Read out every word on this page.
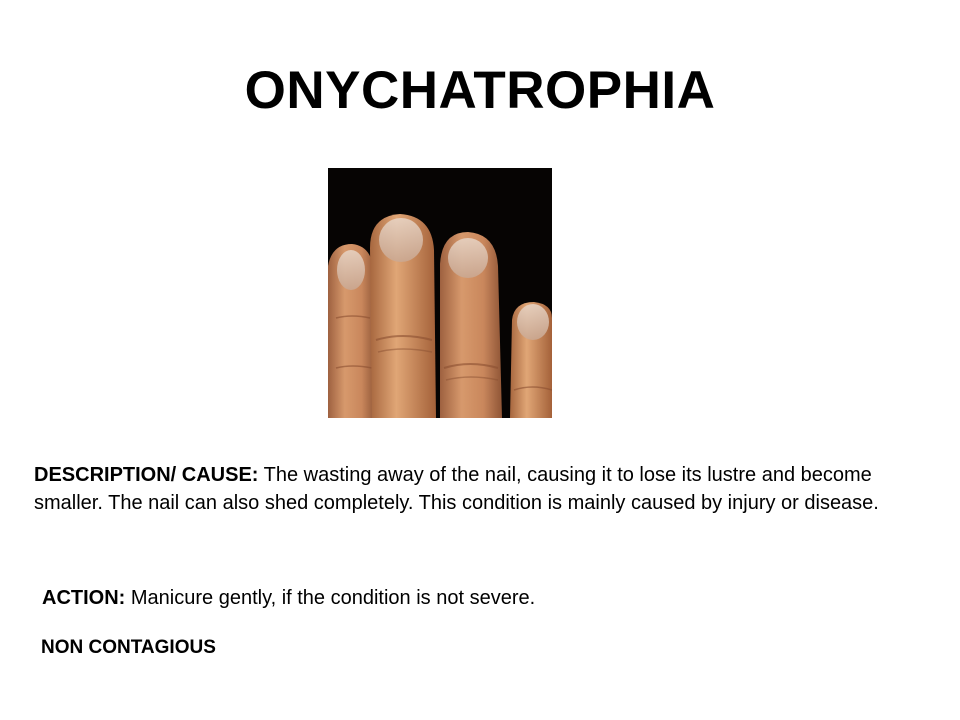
ONYCHATROPHIA

DESCRIPTION/ CAUSE: The wasting away of the nail, causing it to lose its lustre and become smaller. The nail can also shed completely. This condition is mainly caused by injury or disease.

ACTION: Manicure gently, if the condition is not severe.

NON CONTAGIOUS
